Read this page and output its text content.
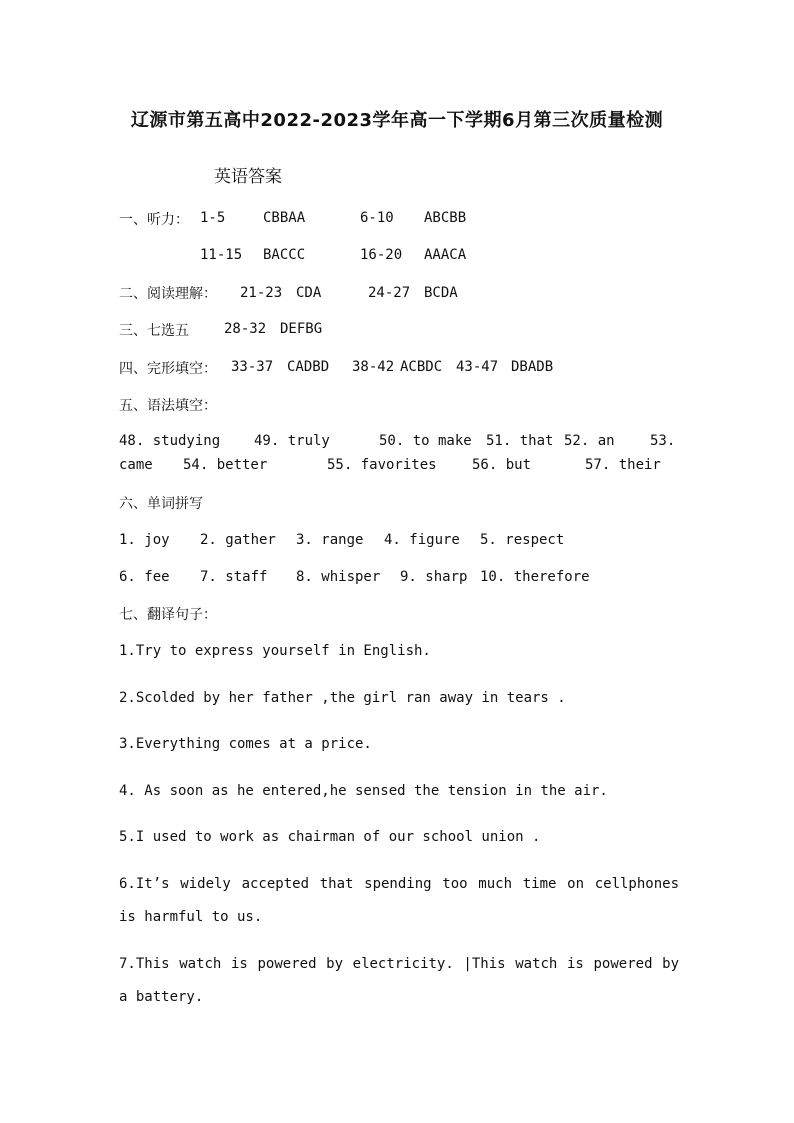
辽源市第五高中2022-2023学年高一下学期6月第三次质量检测
英语答案
一、听力： 1-5	CBBAA	6-10 ABCBB
11-15 BACCC	16-20 AAACA
二、阅读理解： 21-23 CDA	24-27 BCDA
三、七选五	28-32 DEFBG
四、完形填空： 33-37 CADBD 38-42 ACBDC 43-47 DBADB
五、语法填空：
48. studying 49. truly	50. to make 51. that 52. an	53.
came 54. better	55. favorites	56. but	57. their
六、单词拼写
1. joy 2. gather 3. range 4. figure 5. respect
6. fee 7. staff 8. whisper 9. sharp 10. therefore
七、翻译句子：
1.Try to express yourself in English.
2.Scolded by her father ,the girl ran away in tears .
3.Everything comes at a price.
4. As soon as he entered,he sensed the tension in the air.
5.I used to work as chairman of our school union .
6.It’s widely accepted that spending too much time on cellphones is harmful to us.
7.This watch is powered by electricity. |This watch is powered by a battery.
